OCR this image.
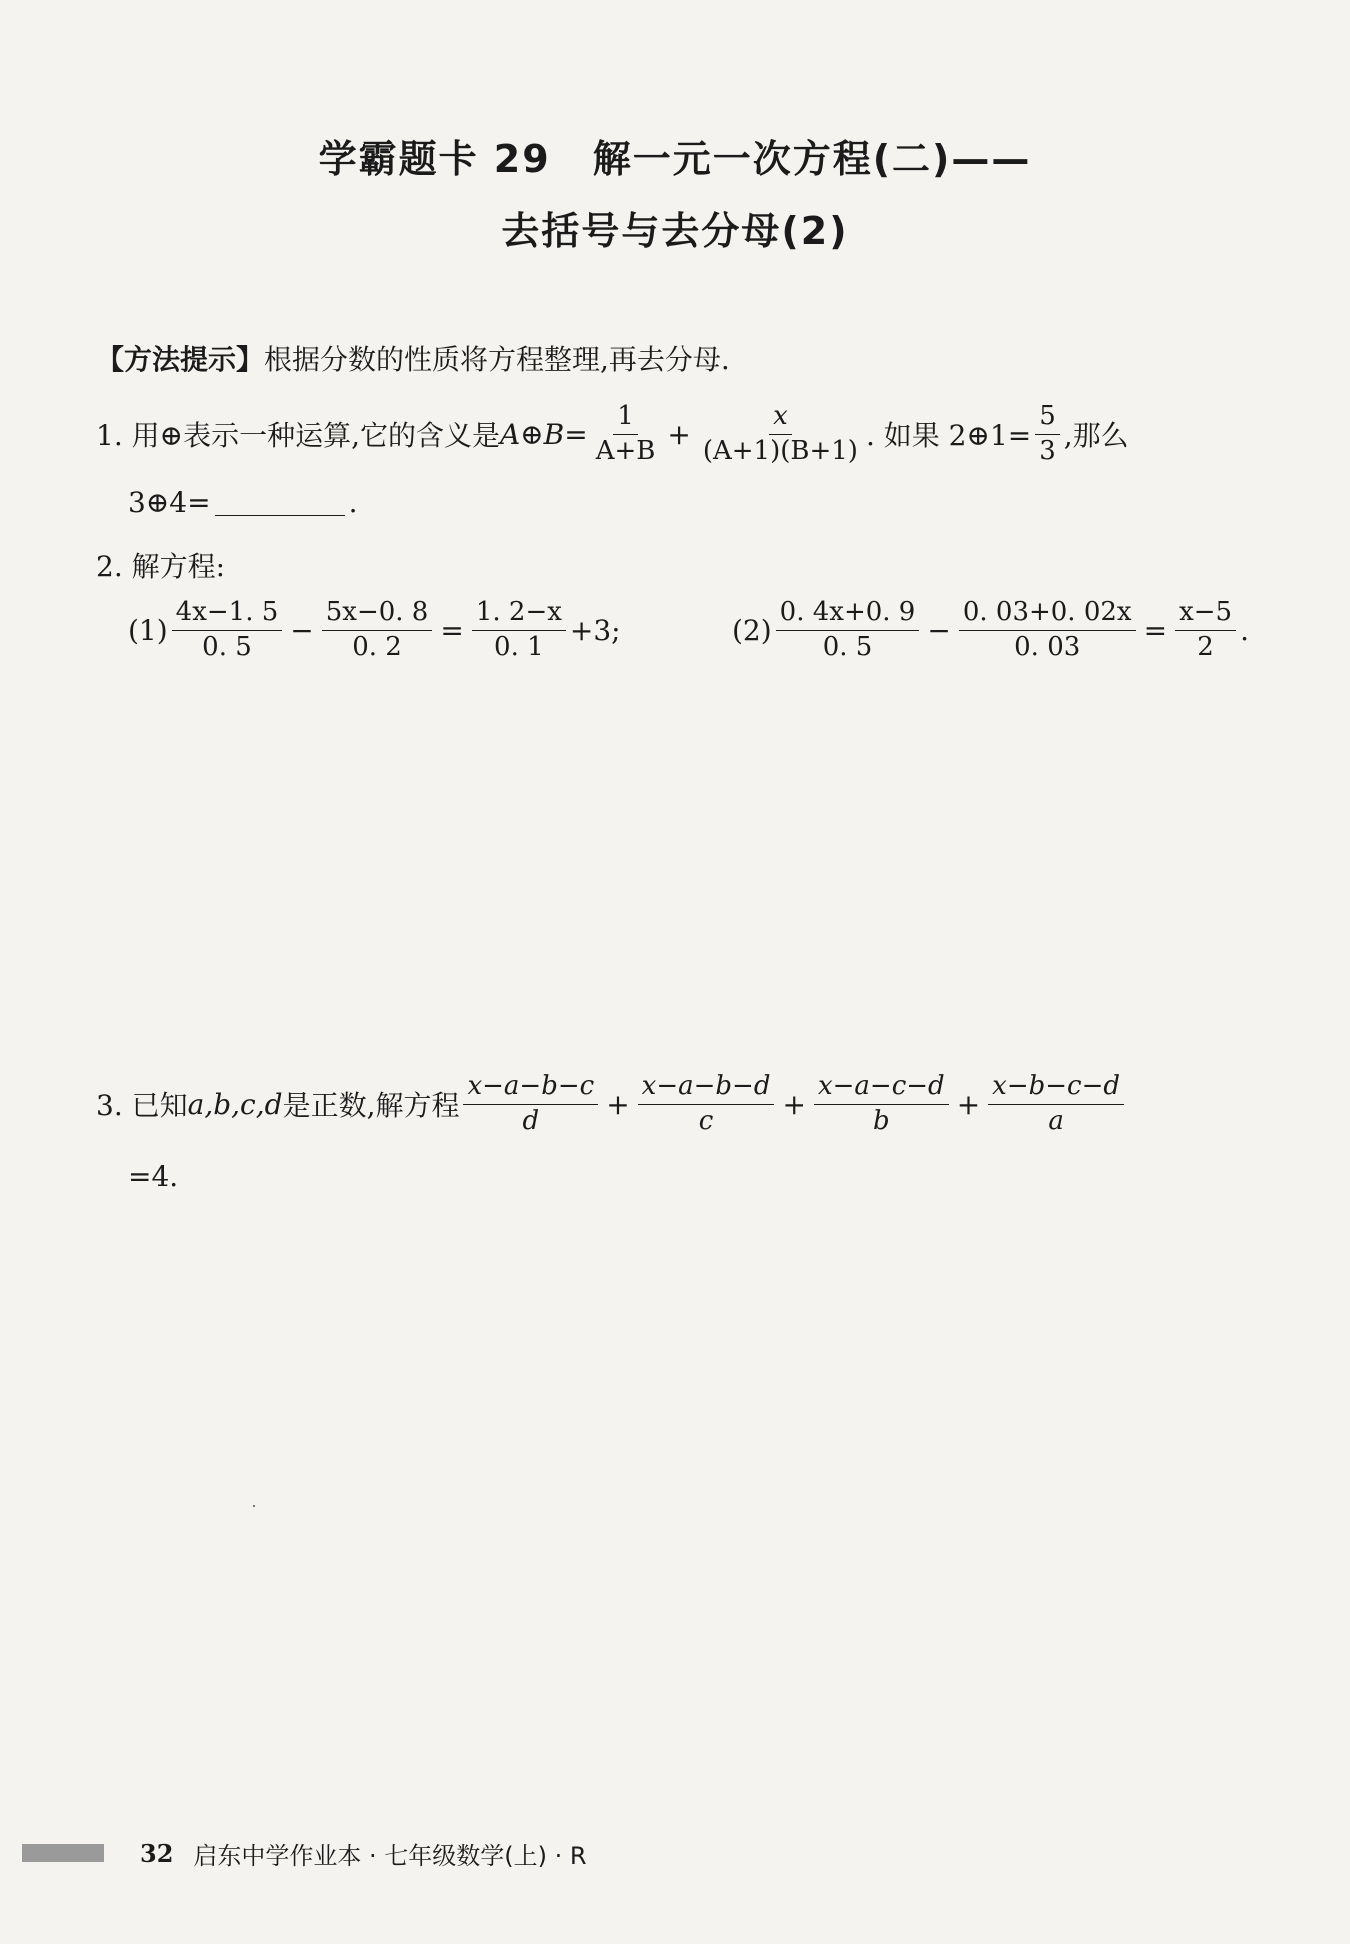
学霸题卡 29 解一元一次方程(二)——
去括号与去分母(2)
【方法提示】 根据分数的性质将方程整理,再去分母.
1. 用⊕表示一种运算,它的含义是 A⊕B= $\frac{1}{A+B} + \frac{x}{(A+1)(B+1)}$ . 如果 2⊕1= $\frac{5}{3}$ ,那么
3⊕4=	.
2. 解方程:
$(1) \frac{4x-1. 5}{0. 5} - \frac{5x-0. 8}{0. 2} = \frac{1. 2-x}{0. 1} +3$;	$(2) \frac{0. 4x+0. 9}{0. 5} - \frac{0. 03+0. 02x}{0. 03} = \frac{x-5}{2}$ .
3. 已知 a,b,c,d 是正数,解方程 $\frac{x-a-b-c}{d} + \frac{x-a-b-d}{c} + \frac{x-a-c-d}{b} + \frac{x-b-c-d}{a}$
=4.
32 启东中学作业本 · 七年级数学(上) · R
